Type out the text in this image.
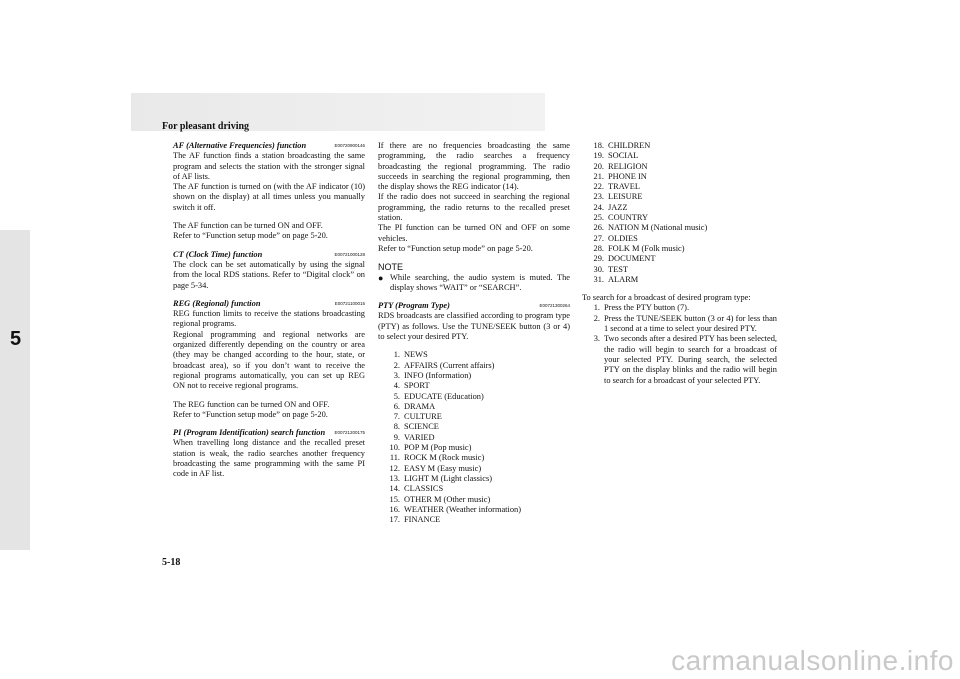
For pleasant driving
5
AF (Alternative Frequencies) function	E00720900146

The AF function finds a station broadcasting the same program and selects the station with the stronger signal of AF lists.

The AF function is turned on (with the AF indicator (10) shown on the display) at all times unless you manually switch it off.

The AF function can be turned ON and OFF.

Refer to “Function setup mode” on page 5-20.

CT (Clock Time) function	E00721000128

The clock can be set automatically by using the signal from the local RDS stations. Refer to “Digital clock” on page 5-34.

REG (Regional) function	E00721100015

REG function limits to receive the stations broadcasting regional programs.

Regional programming and regional networks are organized differently depending on the country or area (they may be changed according to the hour, state, or broadcast area), so if you don’t want to receive the regional programs automatically, you can set up REG ON not to receive regional programs.

The REG function can be turned ON and OFF.

Refer to “Function setup mode” on page 5-20.

PI (Program Identification) search function E00721200175

When travelling long distance and the recalled preset station is weak, the radio searches another frequency broadcasting the same programming with the same PI code in AF list.

If there are no frequencies broadcasting the same programming, the radio searches a frequency broadcasting the regional programming. The radio succeeds in searching the regional programming, then the display shows the REG indicator (14).

If the radio does not succeed in searching the regional programming, the radio returns to the recalled preset station.

The PI function can be turned ON and OFF on some vehicles.

Refer to “Function setup mode” on page 5-20.

NOTE

● While searching, the audio system is muted. The display shows “WAIT” or “SEARCH”.
PTY (Program Type)	E00721300264

RDS broadcasts are classified according to program type (PTY) as follows. Use the TUNE/SEEK button (3 or 4) to select your desired PTY.

1. NEWS
2. AFFAIRS (Current affairs)
3. INFO (Information)
4. SPORT
5. EDUCATE (Education)
6. DRAMA
7. CULTURE
8. SCIENCE
9. VARIED
10. POP M (Pop music)
11. ROCK M (Rock music)
12. EASY M (Easy music)
13. LIGHT M (Light classics)
14. CLASSICS
15. OTHER M (Other music)
16. WEATHER (Weather information)
17. FINANCE
18. CHILDREN
19. SOCIAL
20. RELIGION
21. PHONE IN
22. TRAVEL
23. LEISURE
24. JAZZ
25. COUNTRY
26. NATION M (National music)
27. OLDIES
28. FOLK M (Folk music)
29. DOCUMENT
30. TEST
31. ALARM

To search for a broadcast of desired program type:

1. Press the PTY button (7).
2. Press the TUNE/SEEK button (3 or 4) for less than 1 second at a time to select your desired PTY.
3. Two seconds after a desired PTY has been selected, the radio will begin to search for a broadcast of your selected PTY. During search, the selected PTY on the display blinks and the radio will begin to search for a broadcast of your selected PTY.
5-18
carmanualsonline.info
